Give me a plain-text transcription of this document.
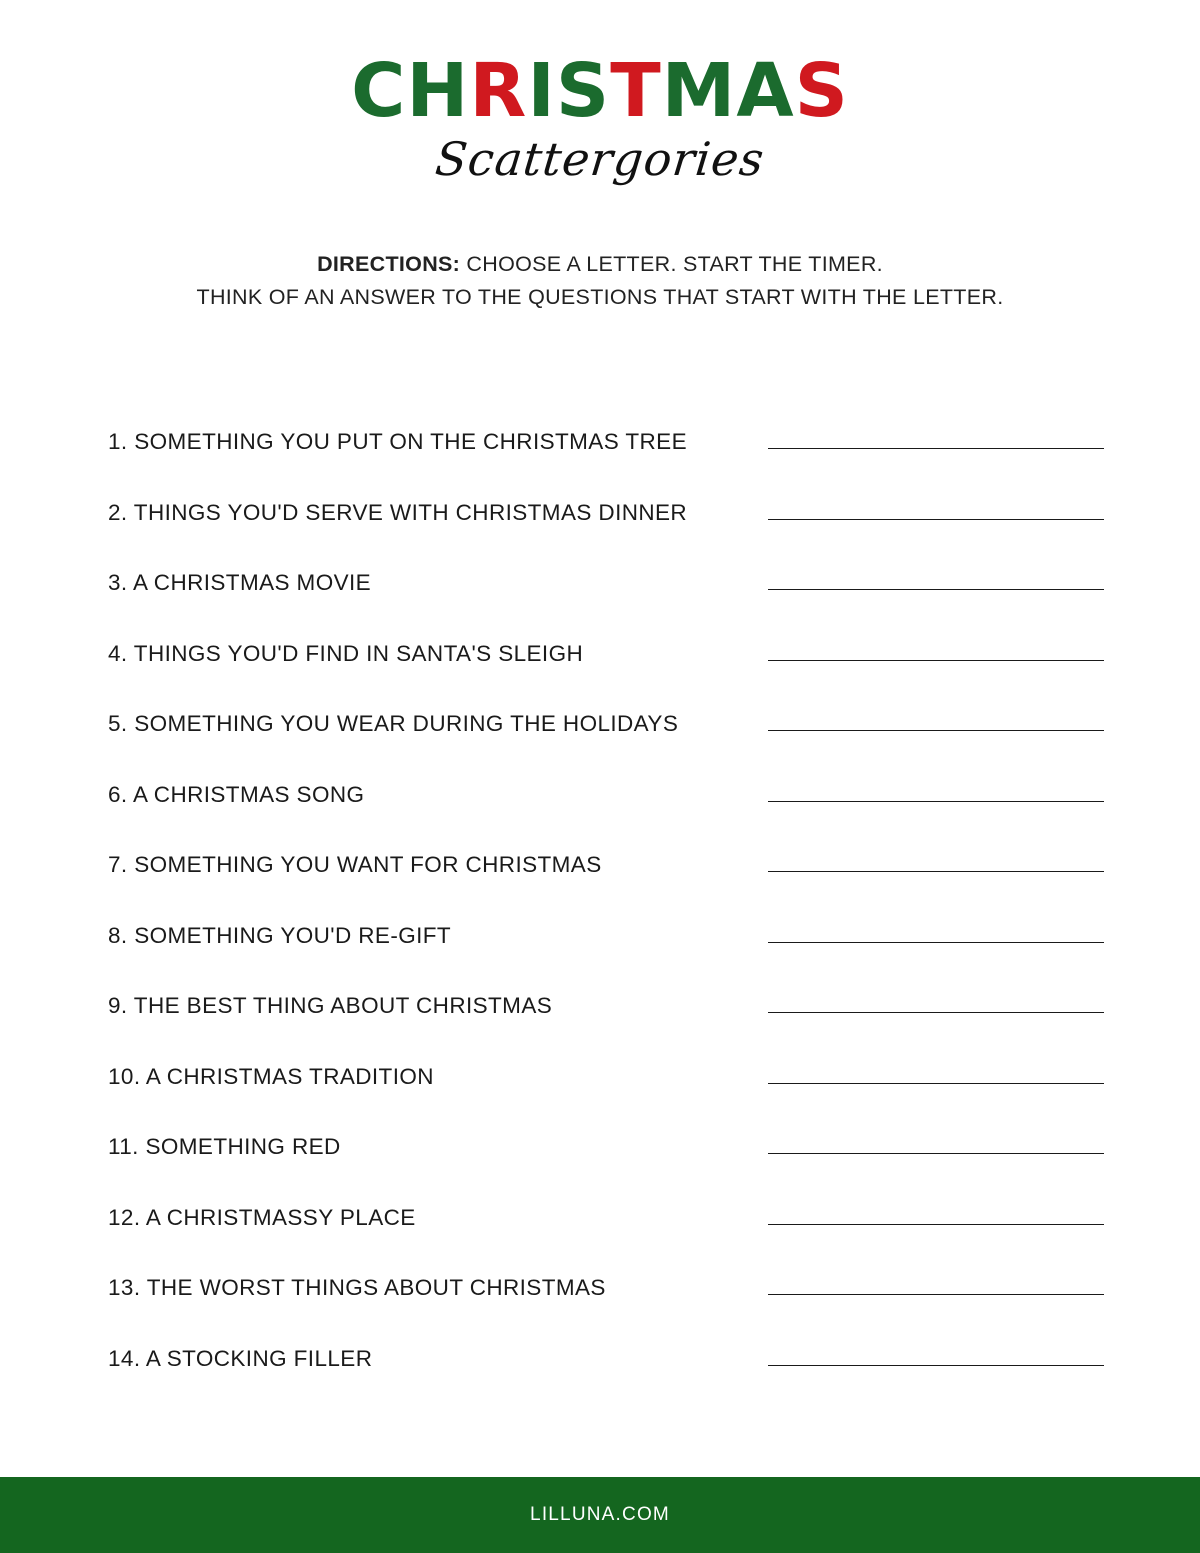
CHRISTMAS
Scattergories
DIRECTIONS: CHOOSE A LETTER. START THE TIMER.
THINK OF AN ANSWER TO THE QUESTIONS THAT START WITH THE LETTER.
1. SOMETHING YOU PUT ON THE CHRISTMAS TREE
2. THINGS YOU'D SERVE WITH CHRISTMAS DINNER
3. A CHRISTMAS MOVIE
4. THINGS YOU'D FIND IN SANTA'S SLEIGH
5. SOMETHING YOU WEAR DURING THE HOLIDAYS
6. A CHRISTMAS SONG
7. SOMETHING YOU WANT FOR CHRISTMAS
8. SOMETHING YOU'D RE-GIFT
9. THE BEST THING ABOUT CHRISTMAS
10. A CHRISTMAS TRADITION
11. SOMETHING RED
12. A CHRISTMASSY PLACE
13. THE WORST THINGS ABOUT CHRISTMAS
14. A STOCKING FILLER
LILLUNA.COM
